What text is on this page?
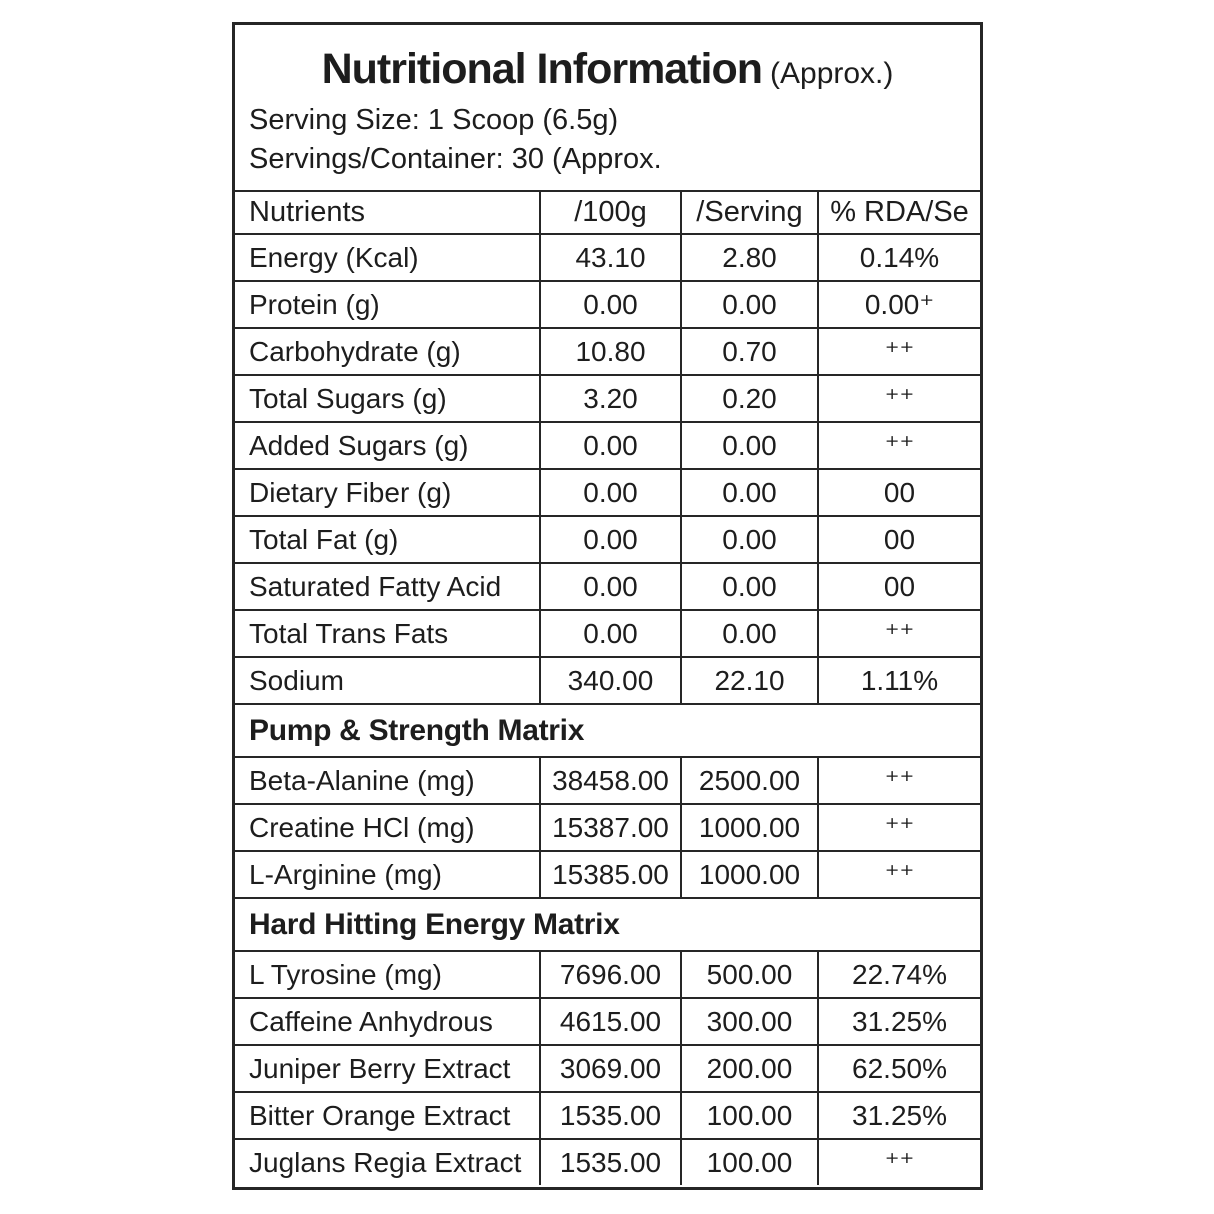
Nutritional Information (Approx.)
Serving Size: 1 Scoop (6.5g)
Servings/Container: 30 (Approx.
Nutrients	/100g	/Serving	% RDA/Se
Energy (Kcal)	43.10	2.80	0.14%
Protein (g)	0.00	0.00	0.00⁺
Carbohydrate (g)	10.80	0.70	⁺⁺
Total Sugars (g)	3.20	0.20	⁺⁺
Added Sugars (g)	0.00	0.00	⁺⁺
Dietary Fiber (g)	0.00	0.00	00
Total Fat (g)	0.00	0.00	00
Saturated Fatty Acid	0.00	0.00	00
Total Trans Fats	0.00	0.00	⁺⁺
Sodium	340.00	22.10	1.11%
Pump & Strength Matrix			
Beta-Alanine (mg)	38458.00	2500.00	⁺⁺
Creatine HCl (mg)	15387.00	1000.00	⁺⁺
L-Arginine (mg)	15385.00	1000.00	⁺⁺
Hard Hitting Energy Matrix			
L Tyrosine (mg)	7696.00	500.00	22.74%
Caffeine Anhydrous	4615.00	300.00	31.25%
Juniper Berry Extract	3069.00	200.00	62.50%
Bitter Orange Extract	1535.00	100.00	31.25%
Juglans Regia Extract	1535.00	100.00	⁺⁺
